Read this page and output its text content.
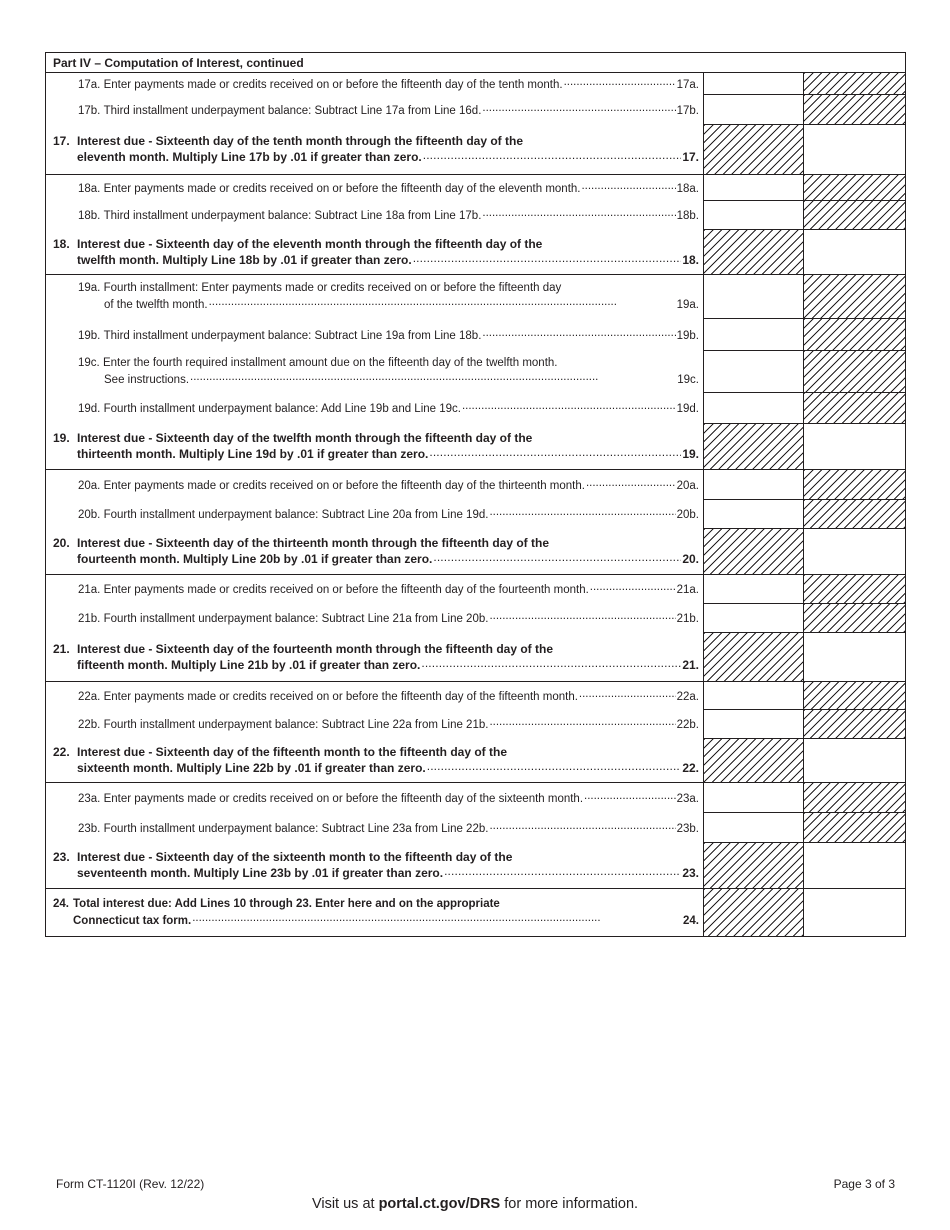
Part IV – Computation of Interest, continued
17a.
Enter payments made or credits received on or before the fifteenth day of the tenth month. . . .	17a.
17b.
Third installment underpayment balance: Subtract Line 17a from Line 16d. . . .	17b.
17. Interest due - Sixteenth day of the tenth month through the fifteenth day of the
eleventh month. Multiply Line 17b by .01 if greater than zero. . . .	17.
18a.
Enter payments made or credits received on or before the fifteenth day of the eleventh month. . . .	18a.
18b.
Third installment underpayment balance: Subtract Line 18a from Line 17b. . . .	18b.
18. Interest due - Sixteenth day of the eleventh month through the fifteenth day of the
twelfth month. Multiply Line 18b by .01 if greater than zero. . . .	18.
19a.
Fourth installment: Enter payments made or credits received on or before the fifteenth day
of the twelfth month. . . .	19a.
19b.
Third installment underpayment balance: Subtract Line 19a from Line 18b. . . .	19b.
19c.
Enter the fourth required installment amount due on the fifteenth day of the twelfth month.
See instructions. . . .	19c.
19d.
Fourth installment underpayment balance: Add Line 19b and Line 19c. . . .	19d.
19. Interest due - Sixteenth day of the twelfth month through the fifteenth day of the
thirteenth month. Multiply Line 19d by .01 if greater than zero. . . .	19.
20a.
Enter payments made or credits received on or before the fifteenth day of the thirteenth month. . . .	20a.
20b.
Fourth installment underpayment balance: Subtract Line 20a from Line 19d. . . .	20b.
20. Interest due - Sixteenth day of the thirteenth month through the fifteenth day of the
fourteenth month. Multiply Line 20b by .01 if greater than zero. . . .	20.
21a.
Enter payments made or credits received on or before the fifteenth day of the fourteenth month. . . .	21a.
21b.
Fourth installment underpayment balance: Subtract Line 21a from Line 20b. . . .	21b.
21. Interest due - Sixteenth day of the fourteenth month through the fifteenth day of the
fifteenth month. Multiply Line 21b by .01 if greater than zero. . . .	21.
22a.
Enter payments made or credits received on or before the fifteenth day of the fifteenth month. . . .	22a.
22b.
Fourth installment underpayment balance: Subtract Line 22a from Line 21b. . . .	22b.
22. Interest due - Sixteenth day of the fifteenth month to the fifteenth day of the
sixteenth month. Multiply Line 22b by .01 if greater than zero. . . .	22.
23a.
Enter payments made or credits received on or before the fifteenth day of the sixteenth month. . . .	23a.
23b.
Fourth installment underpayment balance: Subtract Line 23a from Line 22b. . . .	23b.
23. Interest due - Sixteenth day of the sixteenth month to the fifteenth day of the
seventeenth month. Multiply Line 23b by .01 if greater than zero. . . .	23.
24. Total interest due: Add Lines 10 through 23. Enter here and on the appropriate
Connecticut tax form. . . .	24.
Form CT-1120I (Rev. 12/22)	Page 3 of 3
Visit us at portal.ct.gov/DRS for more information.
